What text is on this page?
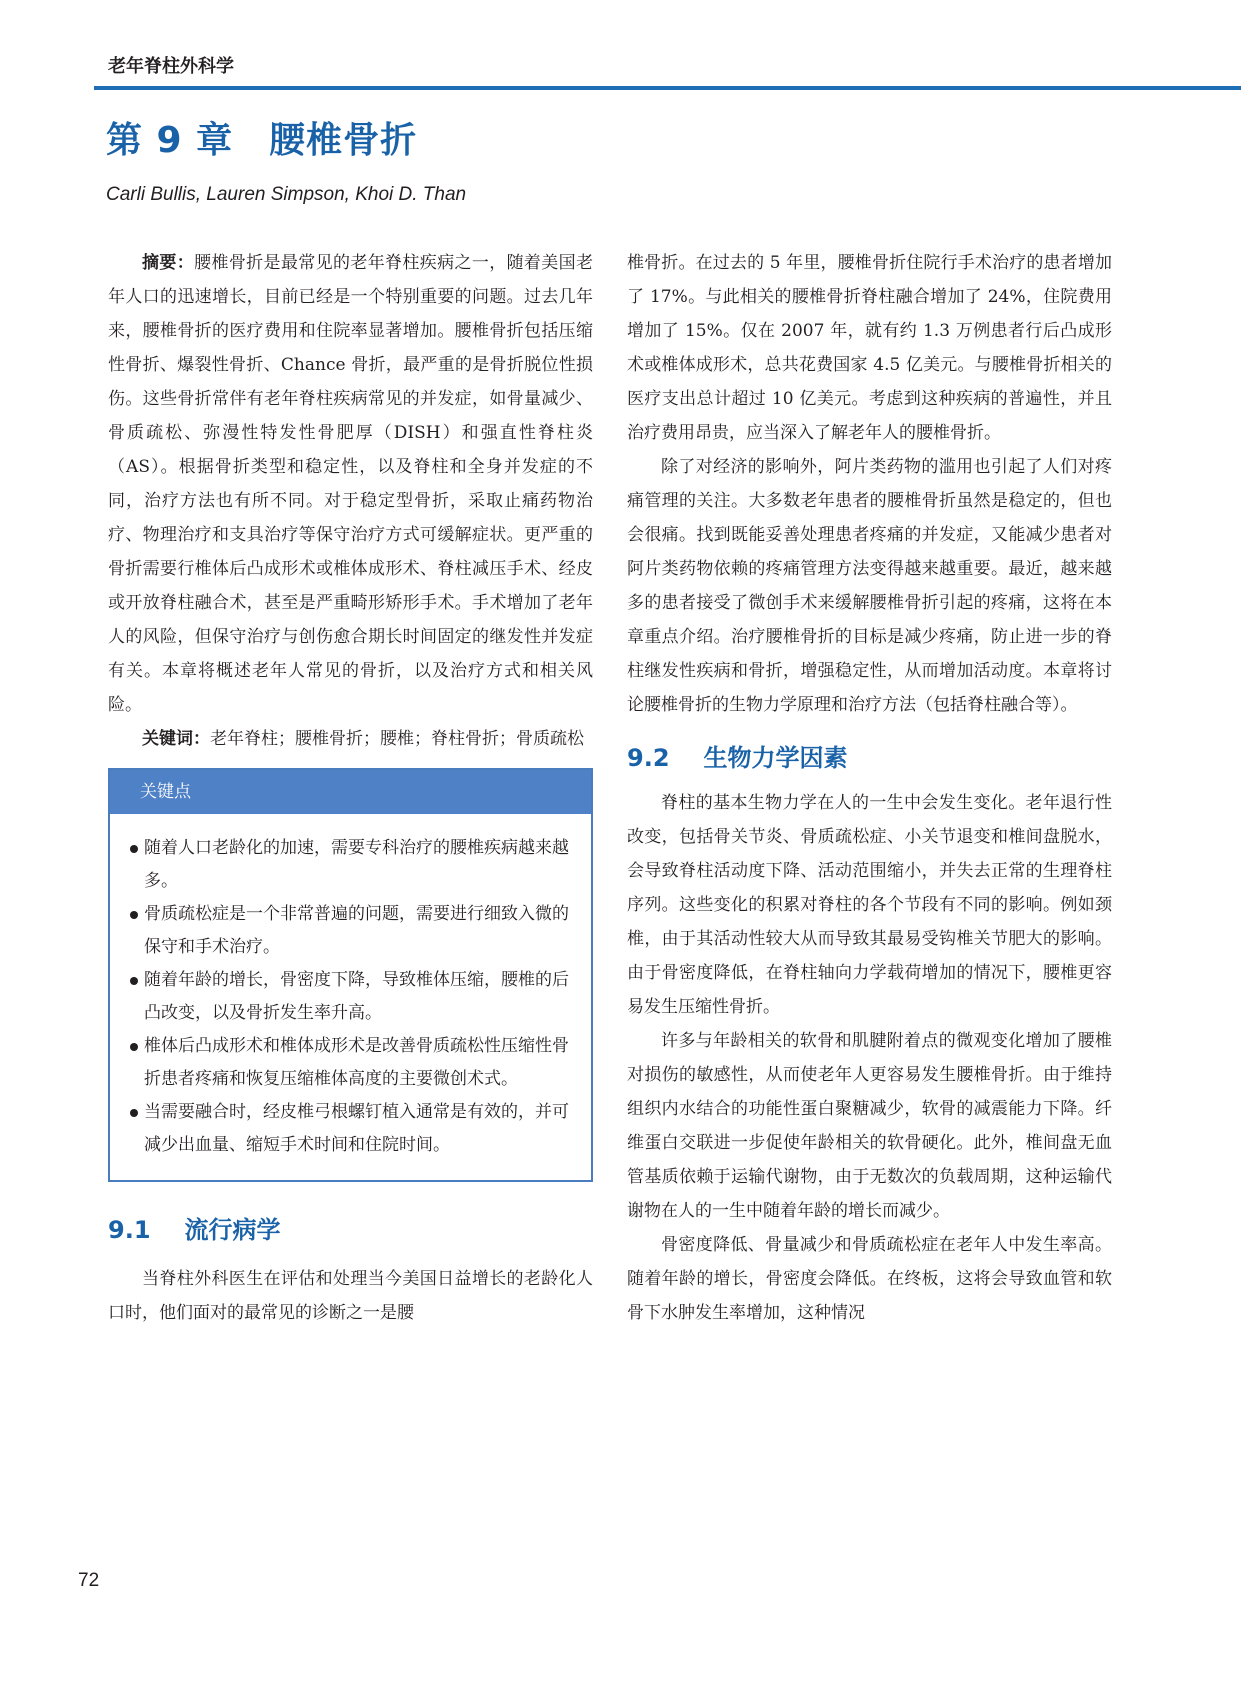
老年脊柱外科学
第 9 章 腰椎骨折
Carli Bullis, Lauren Simpson, Khoi D. Than

摘要：腰椎骨折是最常见的老年脊柱疾病之一，随着美国老年人口的迅速增长，目前已经是一个特别重要的问题。过去几年来，腰椎骨折的医疗费用和住院率显著增加。腰椎骨折包括压缩性骨折、爆裂性骨折、Chance 骨折，最严重的是骨折脱位性损伤。这些骨折常伴有老年脊柱疾病常见的并发症，如骨量减少、骨质疏松、弥漫性特发性骨肥厚（DISH）和强直性脊柱炎（AS）。根据骨折类型和稳定性，以及脊柱和全身并发症的不同，治疗方法也有所不同。对于稳定型骨折，采取止痛药物治疗、物理治疗和支具治疗等保守治疗方式可缓解症状。更严重的骨折需要行椎体后凸成形术或椎体成形术、脊柱减压手术、经皮或开放脊柱融合术，甚至是严重畸形矫形手术。手术增加了老年人的风险，但保守治疗与创伤愈合期长时间固定的继发性并发症有关。本章将概述老年人常见的骨折，以及治疗方式和相关风险。

关键词：老年脊柱；腰椎骨折；腰椎；脊柱骨折；骨质疏松

关键点
随着人口老龄化的加速，需要专科治疗的腰椎疾病越来越多。
骨质疏松症是一个非常普遍的问题，需要进行细致入微的保守和手术治疗。
随着年龄的增长，骨密度下降，导致椎体压缩，腰椎的后凸改变，以及骨折发生率升高。
椎体后凸成形术和椎体成形术是改善骨质疏松性压缩性骨折患者疼痛和恢复压缩椎体高度的主要微创术式。
当需要融合时，经皮椎弓根螺钉植入通常是有效的，并可减少出血量、缩短手术时间和住院时间。
9.1 流行病学

当脊柱外科医生在评估和处理当今美国日益增长的老龄化人口时，他们面对的最常见的诊断之一是腰

椎骨折。在过去的 5 年里，腰椎骨折住院行手术治疗的患者增加了 17%。与此相关的腰椎骨折脊柱融合增加了 24%，住院费用增加了 15%。仅在 2007 年，就有约 1.3 万例患者行后凸成形术或椎体成形术，总共花费国家 4.5 亿美元。与腰椎骨折相关的医疗支出总计超过 10 亿美元。考虑到这种疾病的普遍性，并且治疗费用昂贵，应当深入了解老年人的腰椎骨折。

除了对经济的影响外，阿片类药物的滥用也引起了人们对疼痛管理的关注。大多数老年患者的腰椎骨折虽然是稳定的，但也会很痛。找到既能妥善处理患者疼痛的并发症，又能减少患者对阿片类药物依赖的疼痛管理方法变得越来越重要。最近，越来越多的患者接受了微创手术来缓解腰椎骨折引起的疼痛，这将在本章重点介绍。治疗腰椎骨折的目标是减少疼痛，防止进一步的脊柱继发性疾病和骨折，增强稳定性，从而增加活动度。本章将讨论腰椎骨折的生物力学原理和治疗方法（包括脊柱融合等）。

9.2 生物力学因素

脊柱的基本生物力学在人的一生中会发生变化。老年退行性改变，包括骨关节炎、骨质疏松症、小关节退变和椎间盘脱水，会导致脊柱活动度下降、活动范围缩小，并失去正常的生理脊柱序列。这些变化的积累对脊柱的各个节段有不同的影响。例如颈椎，由于其活动性较大从而导致其最易受钩椎关节肥大的影响。由于骨密度降低，在脊柱轴向力学载荷增加的情况下，腰椎更容易发生压缩性骨折。

许多与年龄相关的软骨和肌腱附着点的微观变化增加了腰椎对损伤的敏感性，从而使老年人更容易发生腰椎骨折。由于维持组织内水结合的功能性蛋白聚糖减少，软骨的减震能力下降。纤维蛋白交联进一步促使年龄相关的软骨硬化。此外，椎间盘无血管基质依赖于运输代谢物，由于无数次的负载周期，这种运输代谢物在人的一生中随着年龄的增长而减少。

骨密度降低、骨量减少和骨质疏松症在老年人中发生率高。随着年龄的增长，骨密度会降低。在终板，这将会导致血管和软骨下水肿发生率增加，这种情况

72
